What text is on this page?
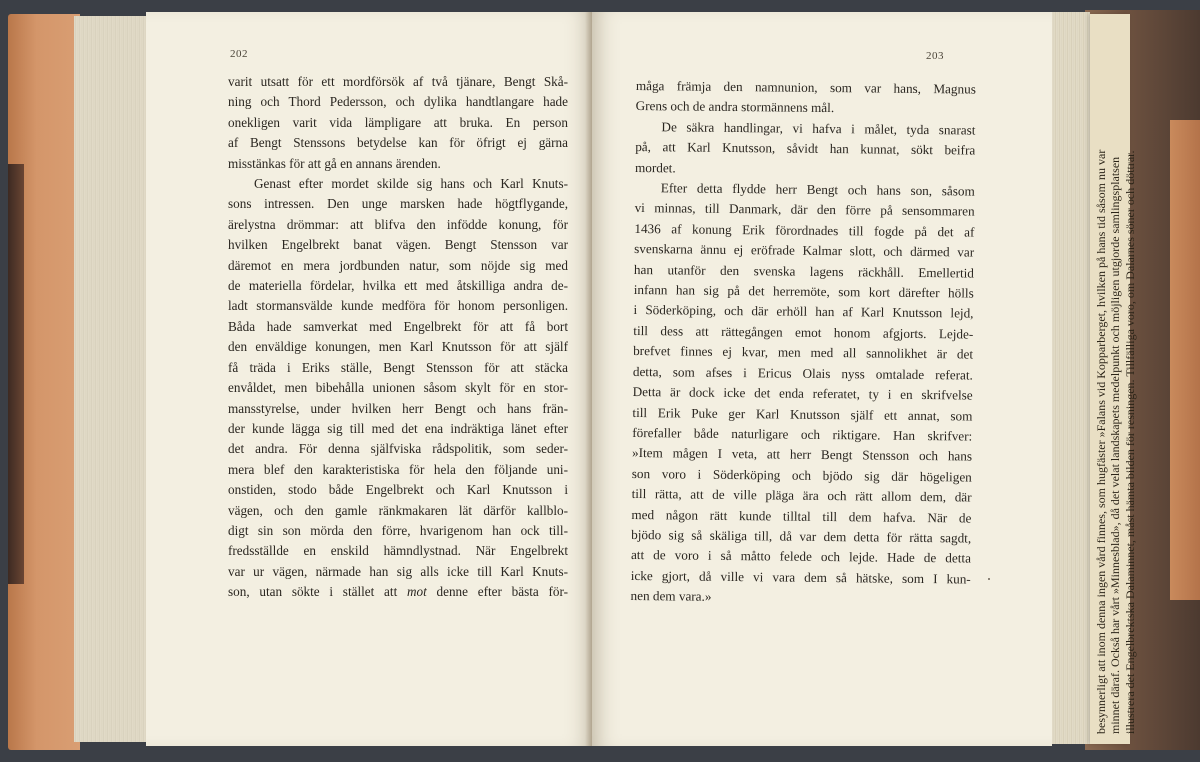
202
varit utsatt för ett mordförsök af två tjänare, Bengt Skå-
ning och Thord Pedersson, och dylika handtlangare hade
onekligen varit vida lämpligare att bruka. En person
af Bengt Stenssons betydelse kan för öfrigt ej gärna
misstänkas för att gå en annans ärenden.
Genast efter mordet skilde sig hans och Karl Knuts-
sons intressen. Den unge marsken hade högtflygande,
ärelystna drömmar: att blifva den infödde konung, för
hvilken Engelbrekt banat vägen. Bengt Stensson var
däremot en mera jordbunden natur, som nöjde sig med
de materiella fördelar, hvilka ett med åtskilliga andra de-
ladt stormansvälde kunde medföra för honom personligen.
Båda hade samverkat med Engelbrekt för att få bort
den enväldige konungen, men Karl Knutsson för att själf
få träda i Eriks ställe, Bengt Stensson för att stäcka
envåldet, men bibehålla unionen såsom skylt för en stor-
mansstyrelse, under hvilken herr Bengt och hans frän-
der kunde lägga sig till med det ena indräktiga länet efter
det andra. För denna själfviska rådspolitik, som seder-
mera blef den karakteristiska för hela den följande uni-
onstiden, stodo både Engelbrekt och Karl Knutsson i
vägen, och den gamle ränkmakaren lät därför kallblo-
digt sin son mörda den förre, hvarigenom han ock till-
fredsställde en enskild hämndlystnad. När Engelbrekt
var ur vägen, närmade han sig alls icke till Karl Knuts-
son, utan sökte i stället att mot denne efter bästa för-
203
måga främja den namnunion, som var hans, Magnus
Grens och de andra stormännens mål.
De säkra handlingar, vi hafva i målet, tyda snarast
på, att Karl Knutsson, såvidt han kunnat, sökt beifra
mordet.
Efter detta flydde herr Bengt och hans son, såsom
vi minnas, till Danmark, där den förre på sensommaren
1436 af konung Erik förordnades till fogde på det af
svenskarna ännu ej eröfrade Kalmar slott, och därmed var
han utanför den svenska lagens räckhåll. Emellertid
infann han sig på det herremöte, som kort därefter hölls
i Söderköping, och där erhöll han af Karl Knutsson lejd,
till dess att rättegången emot honom afgjorts. Lejde-
brefvet finnes ej kvar, men med all sannolikhet är det
detta, som afses i Ericus Olais nyss omtalade referat.
Detta är dock icke det enda referatet, ty i en skrifvelse
till Erik Puke ger Karl Knutsson själf ett annat, som
förefaller både naturligare och riktigare. Han skrifver:
»Item mågen I veta, att herr Bengt Stensson och hans
son voro i Söderköping och bjödo sig där högeligen
till rätta, att de ville pläga ära och rätt allom dem, där
med någon rätt kunde tilltal till dem hafva. När de
bjödo sig så skäliga till, då var dem detta för rätta sagdt,
att de voro i så måtto felede och lejde. Hade de detta
icke gjort, då ville vi vara dem så hätske, som I kun-
nen dem vara.»	besynnerligt att inom denna ingen vård finnes, som hugfäster »Falans vid Kopparberget, hvilken på hans tid såsom nu var minnet däraf. Också har vårt »Minnesblad», då det velat landskapets medelpunkt och möjligen utgjorde samlingsplatsen illustrera det Engelbrektska Dalaminnet, måst hämta bilden för resningen. Tillfälliga voro, om Dalarnes söner och döttrar.
